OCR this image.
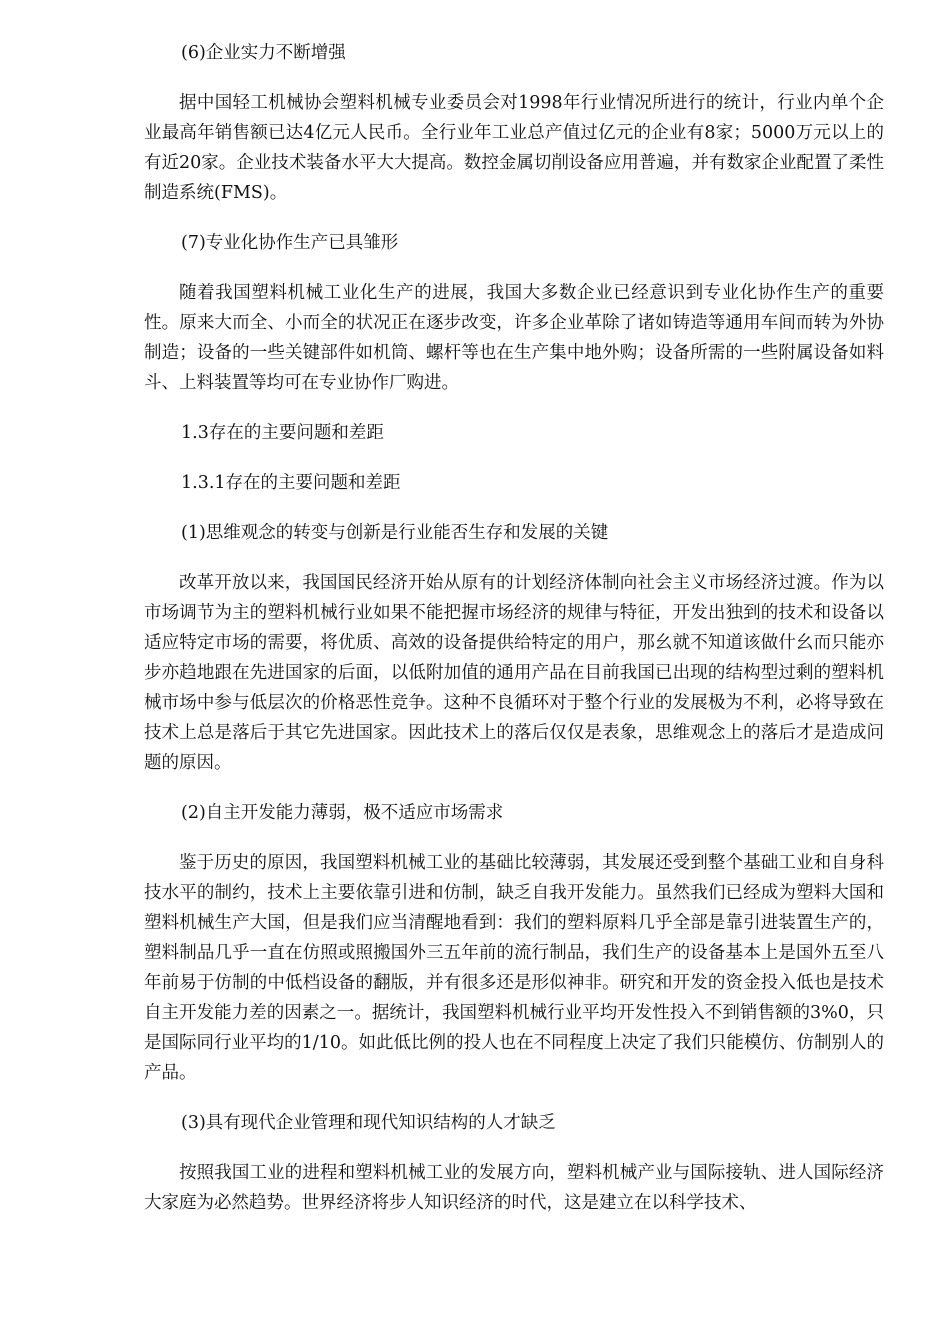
(6)企业实力不断增强

据中国轻工机械协会塑料机械专业委员会对1998年行业情况所进行的统计，行业内单个企业最高年销售额已达4亿元人民币。全行业年工业总产值过亿元的企业有8家；5000万元以上的有近20家。企业技术装备水平大大提高。数控金属切削设备应用普遍，并有数家企业配置了柔性制造系统(FMS)。

(7)专业化协作生产已具雏形

随着我国塑料机械工业化生产的进展，我国大多数企业已经意识到专业化协作生产的重要性。原来大而全、小而全的状况正在逐步改变，许多企业革除了诸如铸造等通用车间而转为外协制造；设备的一些关键部件如机筒、螺杆等也在生产集中地外购；设备所需的一些附属设备如料斗、上料装置等均可在专业协作厂购进。

1.3存在的主要问题和差距
1.3.1存在的主要问题和差距
(1)思维观念的转变与创新是行业能否生存和发展的关键

改革开放以来，我国国民经济开始从原有的计划经济体制向社会主义市场经济过渡。作为以市场调节为主的塑料机械行业如果不能把握市场经济的规律与特征，开发出独到的技术和设备以适应特定市场的需要，将优质、高效的设备提供给特定的用户，那幺就不知道该做什幺而只能亦步亦趋地跟在先进国家的后面，以低附加值的通用产品在目前我国已出现的结构型过剩的塑料机械市场中参与低层次的价格恶性竞争。这种不良循环对于整个行业的发展极为不利，必将导致在技术上总是落后于其它先进国家。因此技术上的落后仅仅是表象，思维观念上的落后才是造成问题的原因。

(2)自主开发能力薄弱，极不适应市场需求

鉴于历史的原因，我国塑料机械工业的基础比较薄弱，其发展还受到整个基础工业和自身科技水平的制约，技术上主要依靠引进和仿制，缺乏自我开发能力。虽然我们已经成为塑料大国和塑料机械生产大国，但是我们应当清醒地看到：我们的塑料原料几乎全部是靠引进装置生产的，塑料制品几乎一直在仿照或照搬国外三五年前的流行制品，我们生产的设备基本上是国外五至八年前易于仿制的中低档设备的翻版，并有很多还是形似神非。研究和开发的资金投入低也是技术自主开发能力差的因素之一。据统计，我国塑料机械行业平均开发性投入不到销售额的3%0，只是国际同行业平均的1/10。如此低比例的投人也在不同程度上决定了我们只能模仿、仿制别人的产品。

(3)具有现代企业管理和现代知识结构的人才缺乏

按照我国工业的进程和塑料机械工业的发展方向，塑料机械产业与国际接轨、进人国际经济大家庭为必然趋势。世界经济将步人知识经济的时代，这是建立在以科学技术、
